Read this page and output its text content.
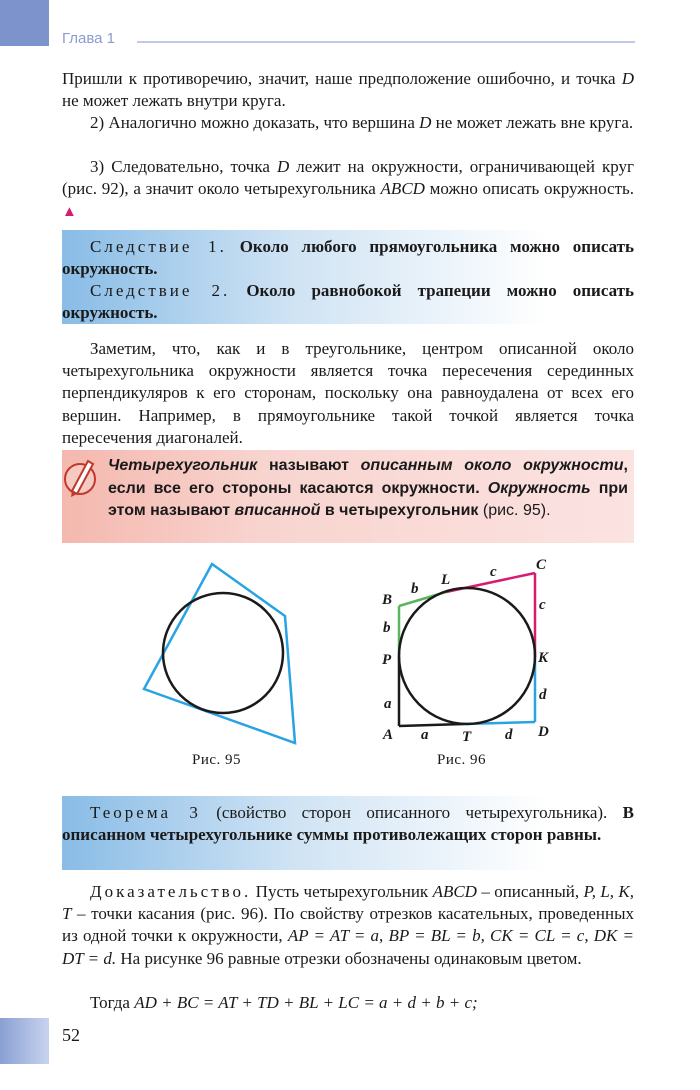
Глава 1

Пришли к противоречию, значит, наше предположение ошибочно, и точка D не может лежать внутри круга.

2) Аналогично можно доказать, что вершина D не может лежать вне круга.

3) Следовательно, точка D лежит на окружности, ограничивающей круг (рис. 92), а значит около четырехугольника ABCD можно описать окружность. ▲

Следствие 1. Около любого прямоугольника можно описать окружность.

Следствие 2. Около равнобокой трапеции можно описать окружность.

Заметим, что, как и в треугольнике, центром описанной около четырехугольника окружности является точка пересечения серединных перпендикуляров к его сторонам, поскольку она равноудалена от всех его вершин. Например, в прямоугольнике такой точкой является точка пересечения диагоналей.

Четырехугольник называют описанным около окружности, если все его стороны касаются окружности. Окружность при этом называют вписанной в четырехугольник (рис. 95).

Рис. 95
B
b
L	c	C
c
b
P	K
d
a
A a T d D
Рис. 96

Теорема 3 (свойство сторон описанного четырехугольника). В описанном четырехугольнике суммы противолежащих сторон равны.

Доказательство. Пусть четырехугольник ABCD – описанный, P, L, K, T – точки касания (рис. 96). По свойству отрезков касательных, проведенных из одной точки к окружности, AP = AT = a, BP = BL = b, CK = CL = c, DK = DT = d. На рисунке 96 равные отрезки обозначены одинаковым цветом.

Тогда AD + BC = AT + TD + BL + LC = a + d + b + c;

52
